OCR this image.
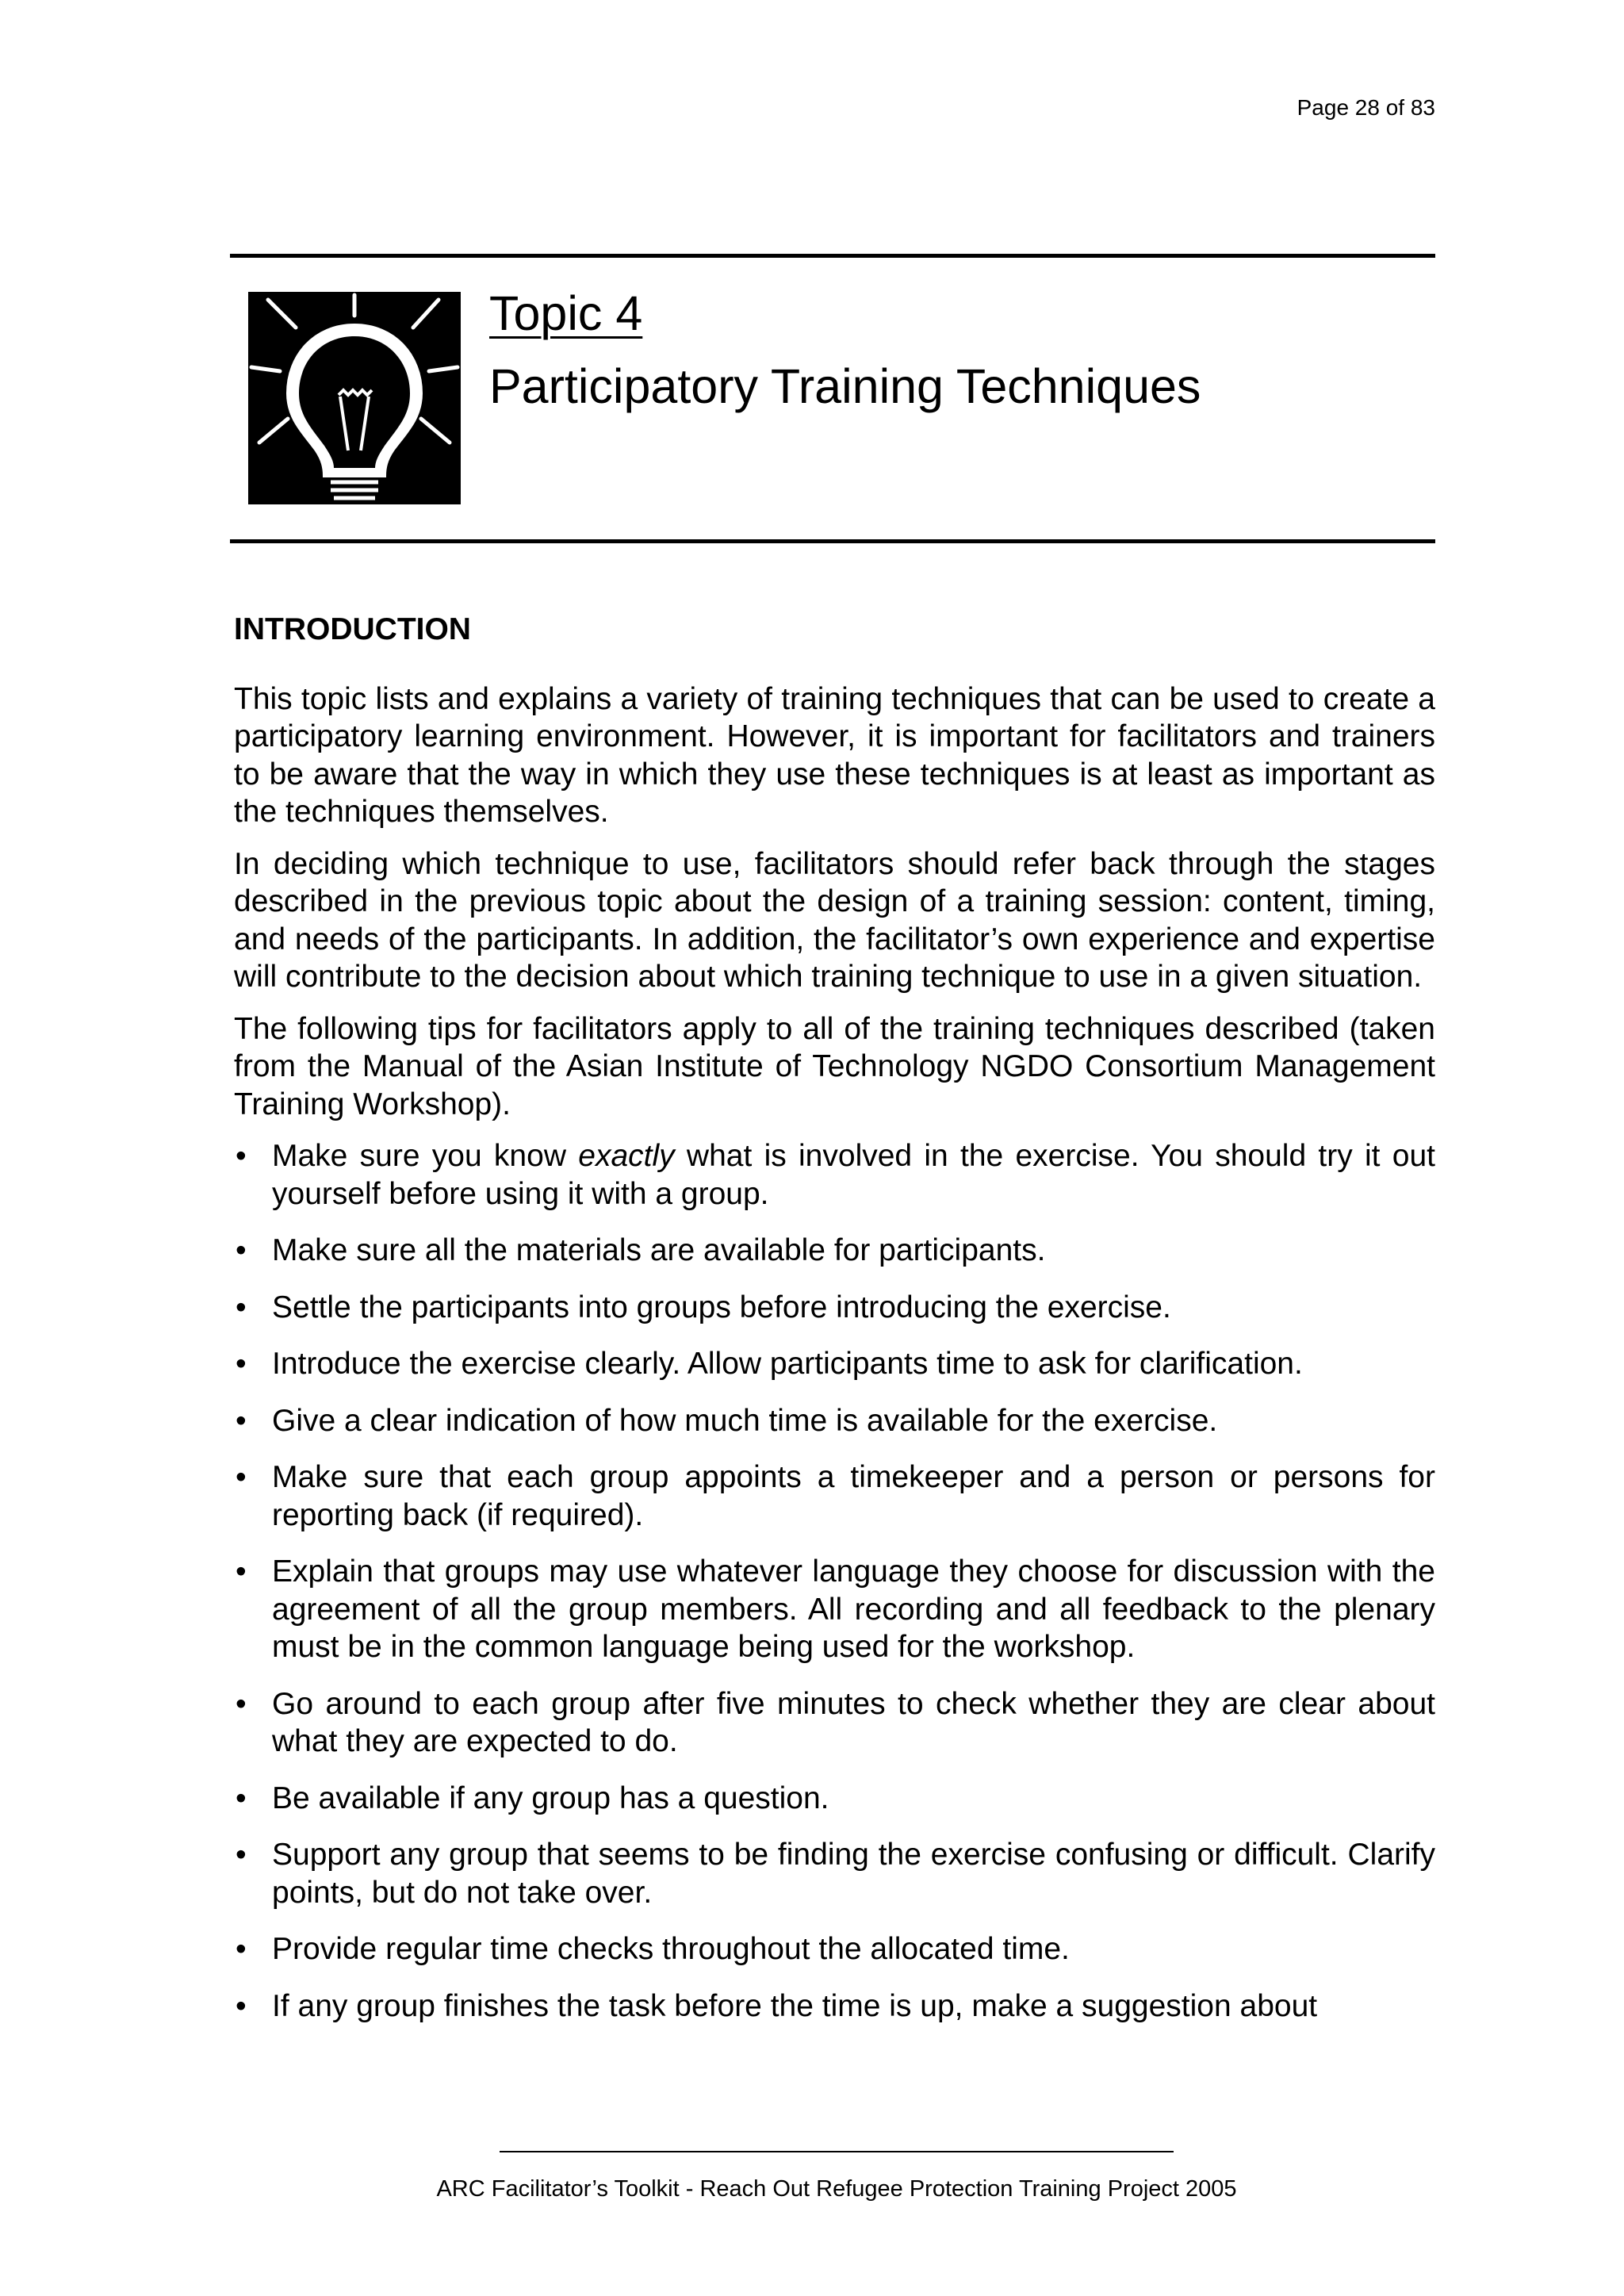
Page 28 of 83
Topic 4
Participatory Training Techniques
INTRODUCTION

This topic lists and explains a variety of training techniques that can be used to create a participatory learning environment. However, it is important for facilitators and trainers to be aware that the way in which they use these techniques is at least as important as the techniques themselves.

In deciding which technique to use, facilitators should refer back through the stages described in the previous topic about the design of a training session: content, timing, and needs of the participants. In addition, the facilitator’s own experience and expertise will contribute to the decision about which training technique to use in a given situation.

The following tips for facilitators apply to all of the training techniques described (taken from the Manual of the Asian Institute of Technology NGDO Consortium Management Training Workshop).

• Make sure you know exactly what is involved in the exercise. You should try it out yourself before using it with a group.
• Make sure all the materials are available for participants.
• Settle the participants into groups before introducing the exercise.
• Introduce the exercise clearly. Allow participants time to ask for clarification.
• Give a clear indication of how much time is available for the exercise.
• Make sure that each group appoints a timekeeper and a person or persons for reporting back (if required).
• Explain that groups may use whatever language they choose for discussion with the agreement of all the group members. All recording and all feedback to the plenary must be in the common language being used for the workshop.
• Go around to each group after five minutes to check whether they are clear about what they are expected to do.
• Be available if any group has a question.
• Support any group that seems to be finding the exercise confusing or difficult. Clarify points, but do not take over.
• Provide regular time checks throughout the allocated time.
• If any group finishes the task before the time is up, make a suggestion about
ARC Facilitator’s Toolkit - Reach Out Refugee Protection Training Project 2005
